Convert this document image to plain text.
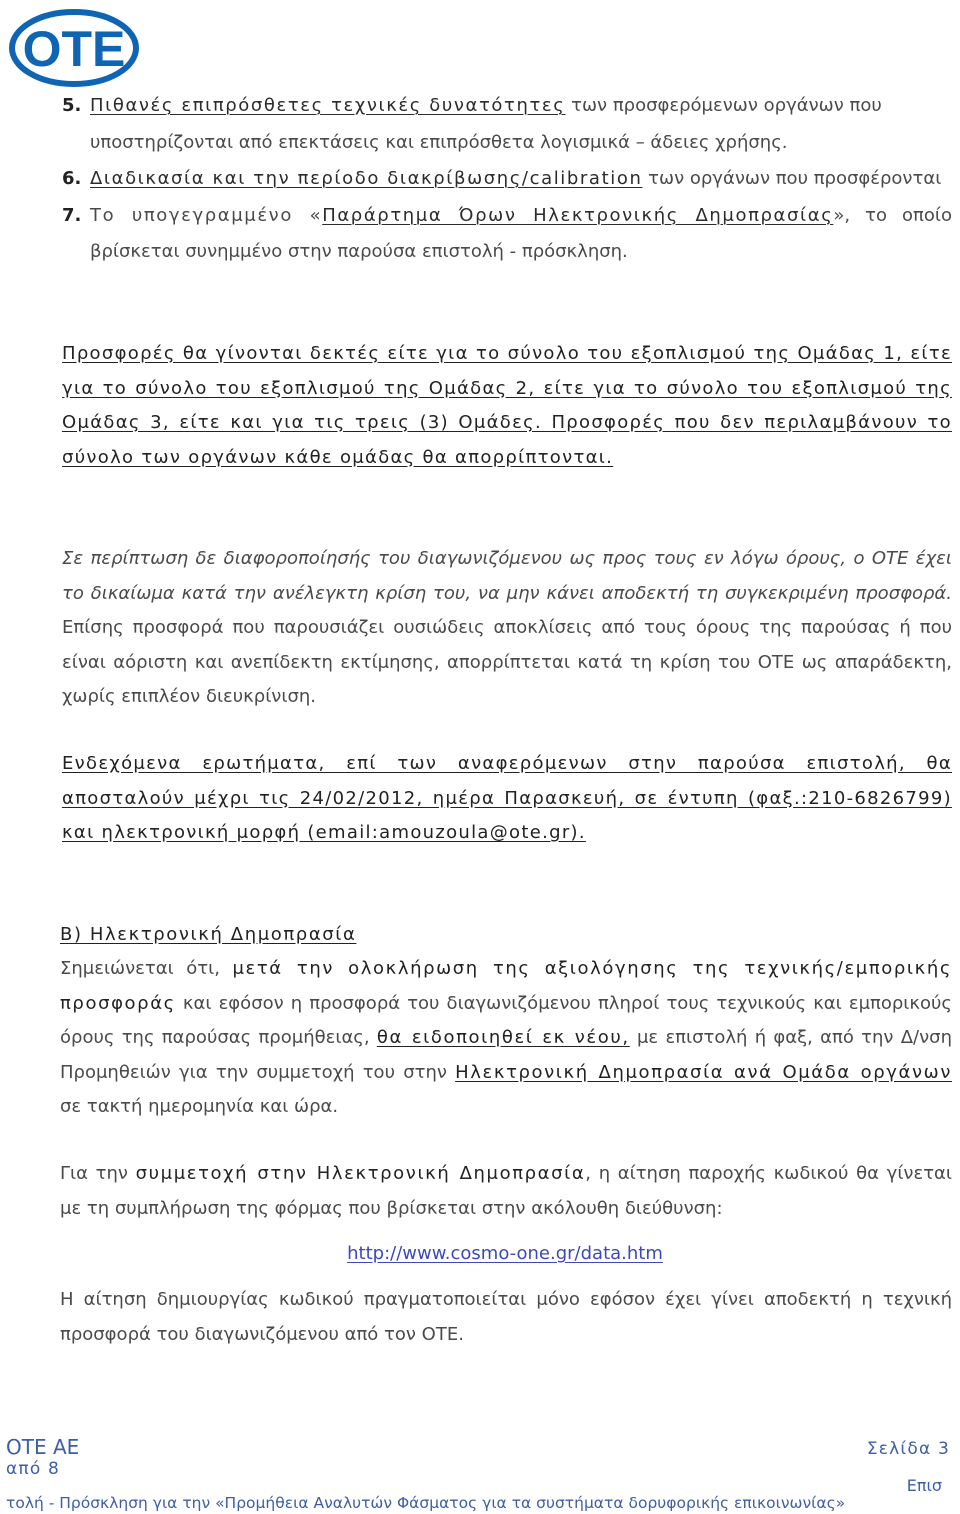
OTE
5. Πιθανές επιπρόσθετες τεχνικές δυνατότητες των προσφερόμενων οργάνων που υποστηρίζονται από επεκτάσεις και επιπρόσθετα λογισμικά – άδειες χρήσης.
6. Διαδικασία και την περίοδο διακρίβωσης/calibration των οργάνων που προσφέρονται
7. Το υπογεγραμμένο «Παράρτημα Όρων Ηλεκτρονικής Δημοπρασίας», το οποίο βρίσκεται συνημμένο στην παρούσα επιστολή - πρόσκληση.
Προσφορές θα γίνονται δεκτές είτε για το σύνολο του εξοπλισμού της Ομάδας 1, είτε για το σύνολο του εξοπλισμού της Ομάδας 2, είτε για το σύνολο του εξοπλισμού της Ομάδας 3, είτε και για τις τρεις (3) Ομάδες. Προσφορές που δεν περιλαμβάνουν το σύνολο των οργάνων κάθε ομάδας θα απορρίπτονται.
Σε περίπτωση δε διαφοροποίησής του διαγωνιζόμενου ως προς τους εν λόγω όρους, ο ΟΤΕ έχει το δικαίωμα κατά την ανέλεγκτη κρίση του, να μην κάνει αποδεκτή τη συγκεκριμένη προσφορά. Επίσης προσφορά που παρουσιάζει ουσιώδεις αποκλίσεις από τους όρους της παρούσας ή που είναι αόριστη και ανεπίδεκτη εκτίμησης, απορρίπτεται κατά τη κρίση του ΟΤΕ ως απαράδεκτη, χωρίς επιπλέον διευκρίνιση.
Ενδεχόμενα ερωτήματα, επί των αναφερόμενων στην παρούσα επιστολή, θα αποσταλούν μέχρι τις 24/02/2012, ημέρα Παρασκευή, σε έντυπη (φαξ.:210-6826799) και ηλεκτρονική μορφή (email:amouzoula@ote.gr).
Β) Ηλεκτρονική Δημοπρασία
Σημειώνεται ότι, μετά την ολοκλήρωση της αξιολόγησης της τεχνικής/εμπορικής προσφοράς και εφόσον η προσφορά του διαγωνιζόμενου πληροί τους τεχνικούς και εμπορικούς όρους της παρούσας προμήθειας, θα ειδοποιηθεί εκ νέου, με επιστολή ή φαξ, από την Δ/νση Προμηθειών για την συμμετοχή του στην Ηλεκτρονική Δημοπρασία ανά Ομάδα οργάνων σε τακτή ημερομηνία και ώρα.
Για την συμμετοχή στην Ηλεκτρονική Δημοπρασία, η αίτηση παροχής κωδικού θα γίνεται με τη συμπλήρωση της φόρμας που βρίσκεται στην ακόλουθη διεύθυνση:
http://www.cosmo-one.gr/data.htm
Η αίτηση δημιουργίας κωδικού πραγματοποιείται μόνο εφόσον έχει γίνει αποδεκτή η τεχνική προσφορά του διαγωνιζόμενου από τον ΟΤΕ.
ΟΤΕ ΑΕ	Σελίδα 3
από 8
Επισ
τολή - Πρόσκληση για την «Προμήθεια Αναλυτών Φάσματος για τα συστήματα δορυφορικής επικοινωνίας»
